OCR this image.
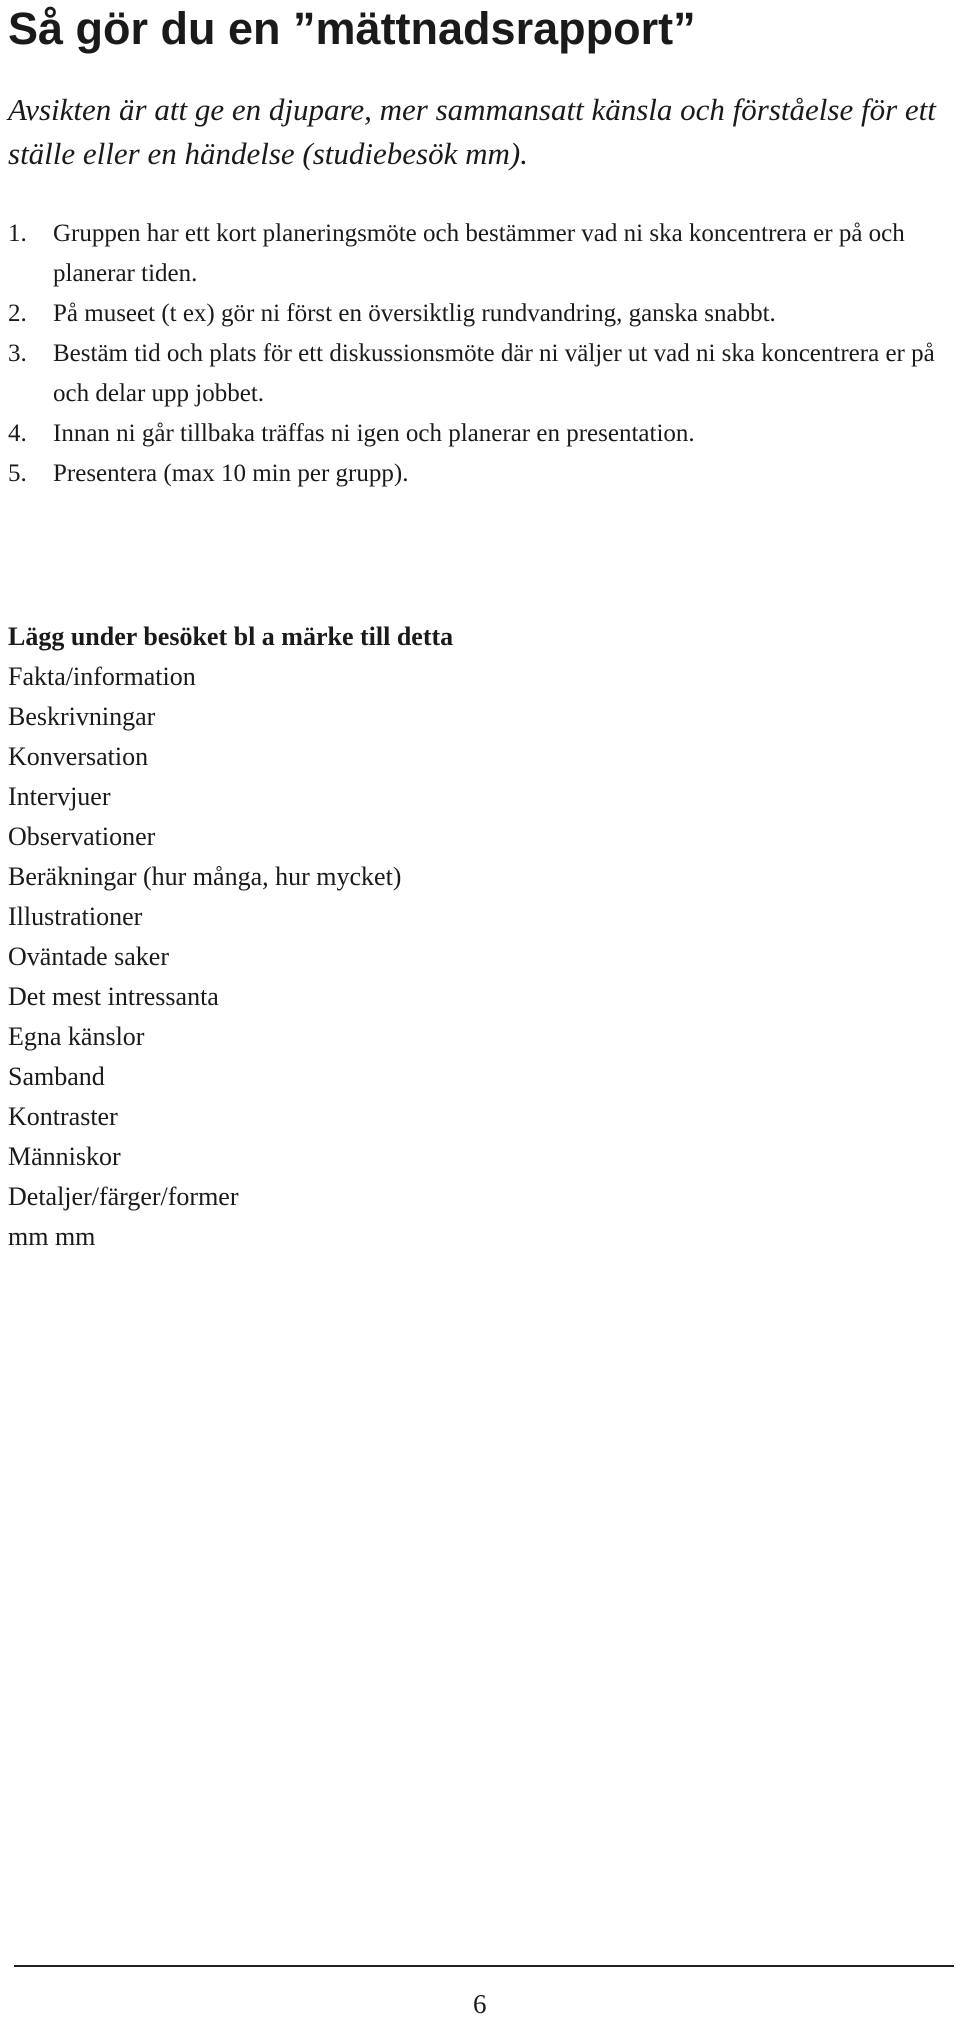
Så gör du en ”mättnadsrapport”

Avsikten är att ge en djupare, mer sammansatt känsla och förståelse för ett ställe eller en händelse (studiebesök mm).

1. Gruppen har ett kort planeringsmöte och bestämmer vad ni ska koncentrera er på och planerar tiden.
2. På museet (t ex) gör ni först en översiktlig rundvandring, ganska snabbt.
3. Bestäm tid och plats för ett diskussionsmöte där ni väljer ut vad ni ska koncentrera er på och delar upp jobbet.
4. Innan ni går tillbaka träffas ni igen och planerar en presentation.
5. Presentera (max 10 min per grupp).
Lägg under besöket bl a märke till detta
Fakta/information
Beskrivningar
Konversation
Intervjuer
Observationer
Beräkningar (hur många, hur mycket)
Illustrationer
Oväntade saker
Det mest intressanta
Egna känslor
Samband
Kontraster
Människor
Detaljer/färger/former
mm mm
6
